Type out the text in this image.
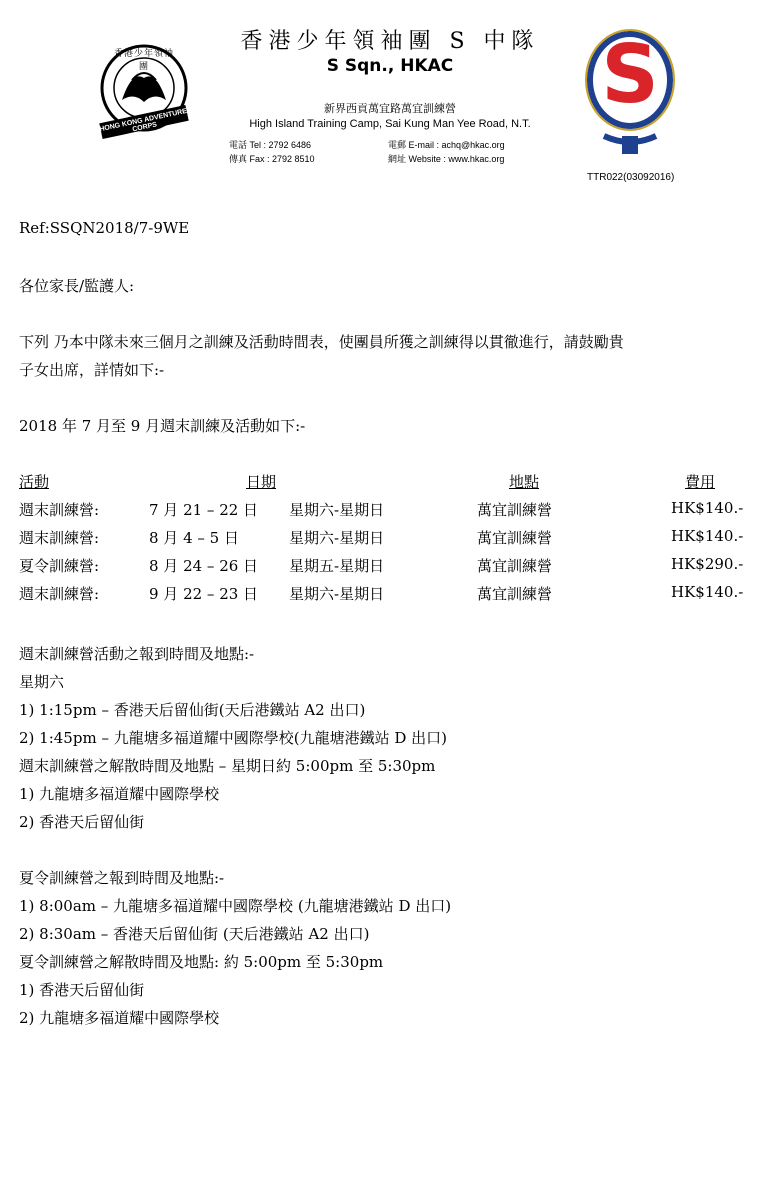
香港少年領袖團
HONG KONG ADVENTURE CORPS
香港少年領袖團 S 中隊
S Sqn., HKAC
新界西貢萬宜路萬宜訓練營
High Island Training Camp, Sai Kung Man Yee Road, N.T.
電話 Tel : 2792 6486
傳真 Fax : 2792 8510
電郵 E-mail : achq@hkac.org
網址 Website : www.hkac.org
S
TTR022(03092016)
Ref:SSQN2018/7-9WE
各位家長/監護人:
下列 乃本中隊未來三個月之訓練及活動時間表，使團員所獲之訓練得以貫徹進行，請鼓勵貴
子女出席，詳情如下:-
2018 年 7 月至 9 月週末訓練及活動如下:-
活動	日期	地點	費用
週末訓練營:	7 月 21 – 22 日 星期六-星期日	萬宜訓練營	HK$140.-
週末訓練營:	8 月 4 – 5 日	星期六-星期日	萬宜訓練營	HK$140.-
夏令訓練營:	8 月 24 – 26 日 星期五-星期日	萬宜訓練營	HK$290.-
週末訓練營:	9 月 22 – 23 日 星期六-星期日	萬宜訓練營	HK$140.-
週末訓練營活動之報到時間及地點:-
星期六
1) 1:15pm – 香港天后留仙街(天后港鐵站 A2 出口)
2) 1:45pm – 九龍塘多福道耀中國際學校(九龍塘港鐵站 D 出口)
週末訓練營之解散時間及地點 – 星期日約 5:00pm 至 5:30pm
1) 九龍塘多福道耀中國際學校
2) 香港天后留仙街
夏令訓練營之報到時間及地點:-
1) 8:00am – 九龍塘多福道耀中國際學校 (九龍塘港鐵站 D 出口)
2) 8:30am – 香港天后留仙街 (天后港鐵站 A2 出口)
夏令訓練營之解散時間及地點: 約 5:00pm 至 5:30pm
1) 香港天后留仙街
2) 九龍塘多福道耀中國際學校
